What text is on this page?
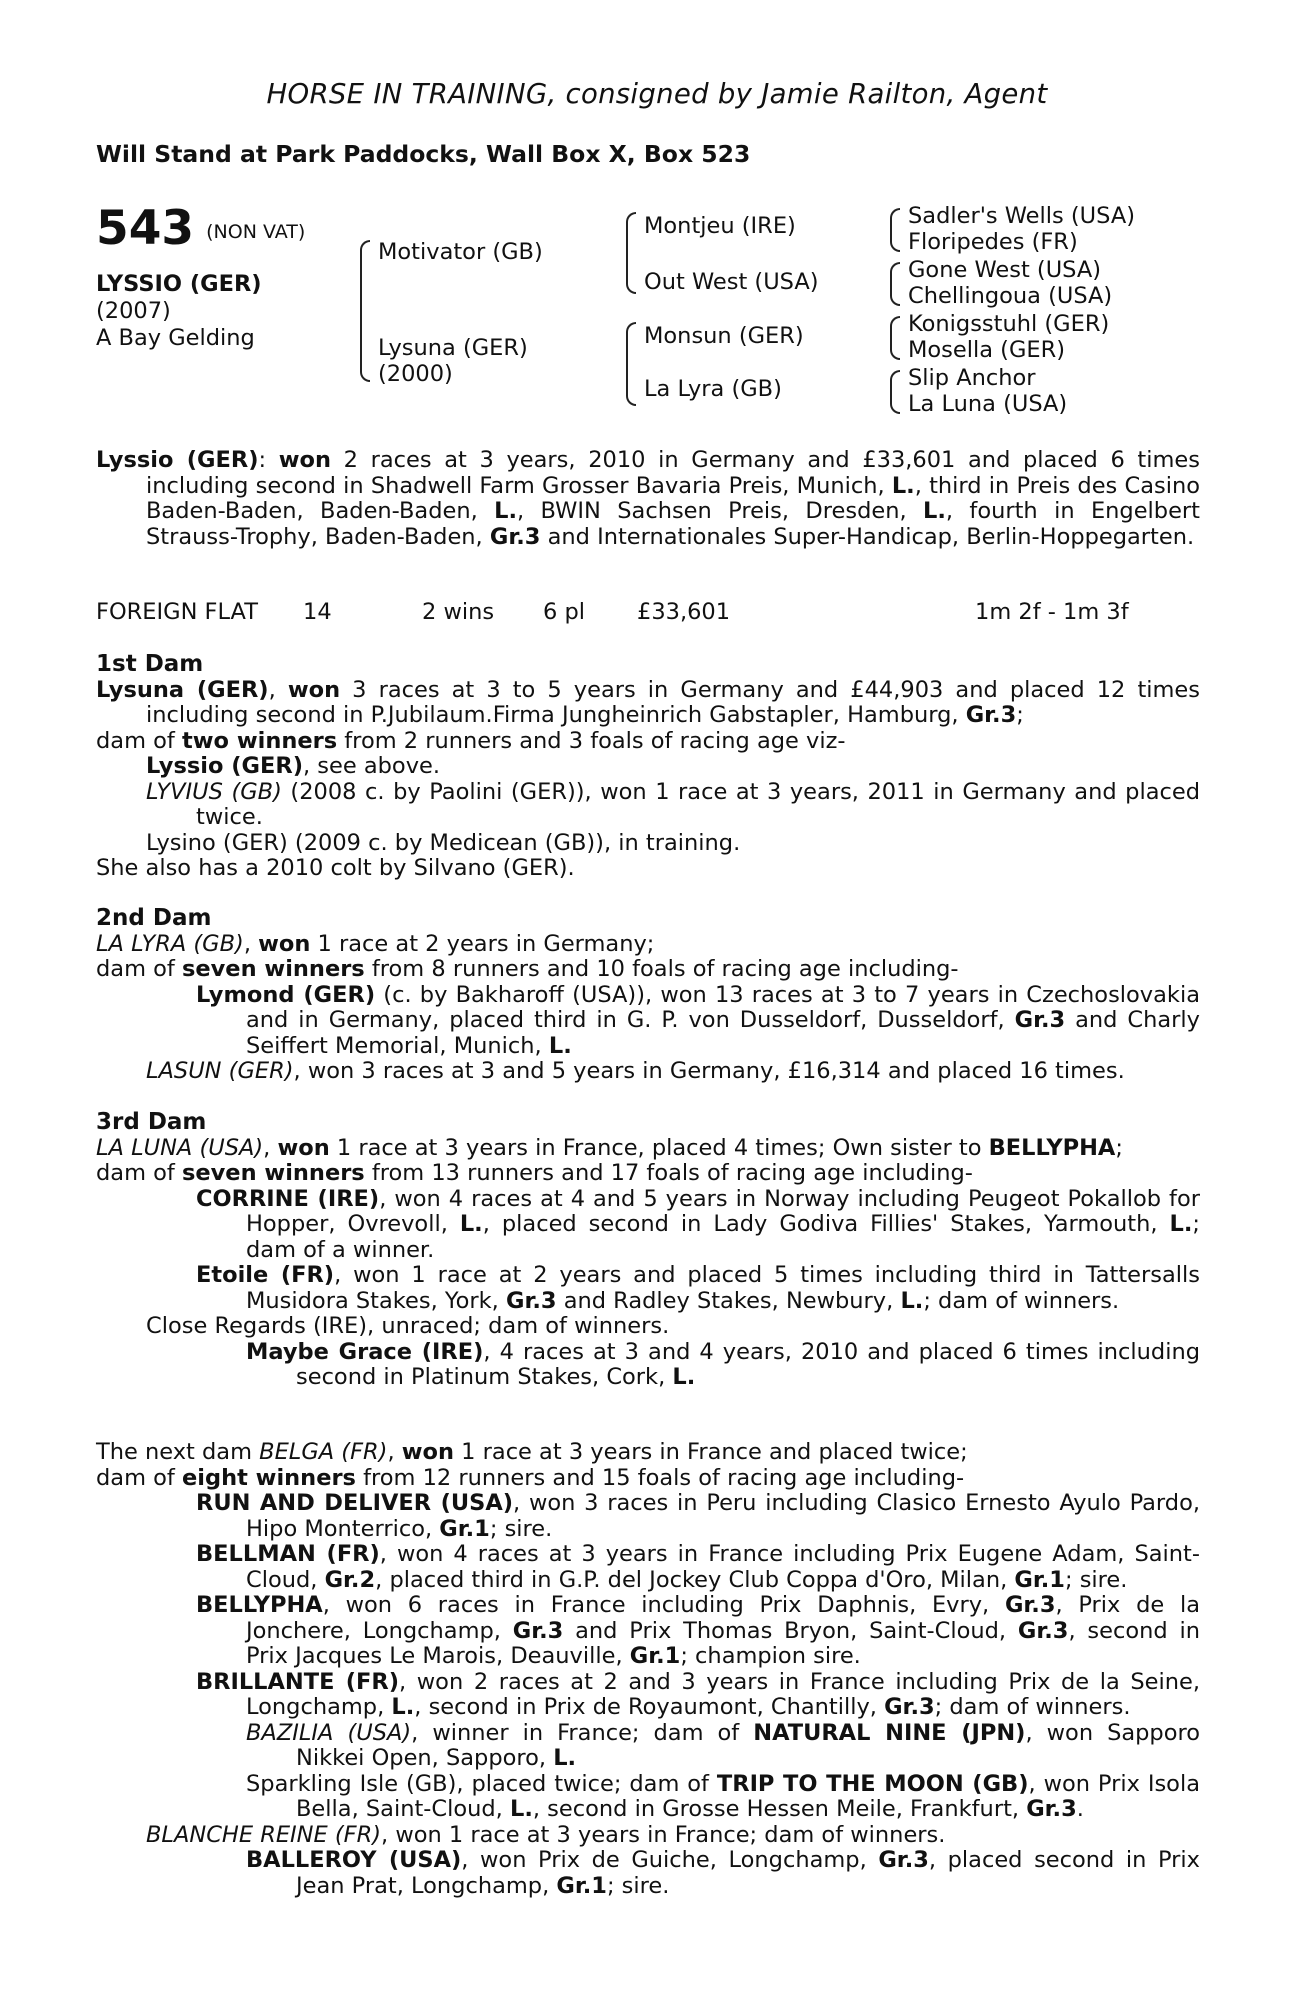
HORSE IN TRAINING, consigned by Jamie Railton, Agent
Will Stand at Park Paddocks, Wall Box X, Box 523
543 (NON VAT)
LYSSIO (GER)
(2007)
A Bay Gelding
Motivator (GB)
Lysuna (GER)
(2000)
Montjeu (IRE)
Out West (USA)
Monsun (GER)
La Lyra (GB)
Sadler's Wells (USA)
Floripedes (FR)
Gone West (USA)
Chellingoua (USA)
Konigsstuhl (GER)
Mosella (GER)
Slip Anchor
La Luna (USA)

Lyssio (GER): won 2 races at 3 years, 2010 in Germany and £33,601 and placed 6 times including second in Shadwell Farm Grosser Bavaria Preis, Munich, L., third in Preis des Casino Baden-Baden, Baden-Baden, L., BWIN Sachsen Preis, Dresden, L., fourth in Engelbert Strauss-Trophy, Baden-Baden, Gr.3 and Internationales Super-Handicap, Berlin-Hoppegarten.

FOREIGN FLAT 14	2 wins 6 pl £33,601	1m 2f - 1m 3f

1st Dam

Lysuna (GER), won 3 races at 3 to 5 years in Germany and £44,903 and placed 12 times including second in P.Jubilaum.Firma Jungheinrich Gabstapler, Hamburg, Gr.3;

dam of two winners from 2 runners and 3 foals of racing age viz-

Lyssio (GER), see above.

LYVIUS (GB) (2008 c. by Paolini (GER)), won 1 race at 3 years, 2011 in Germany and placed twice.

Lysino (GER) (2009 c. by Medicean (GB)), in training.

She also has a 2010 colt by Silvano (GER).

2nd Dam

LA LYRA (GB), won 1 race at 2 years in Germany;

dam of seven winners from 8 runners and 10 foals of racing age including-

Lymond (GER) (c. by Bakharoff (USA)), won 13 races at 3 to 7 years in Czechoslovakia and in Germany, placed third in G. P. von Dusseldorf, Dusseldorf, Gr.3 and Charly Seiffert Memorial, Munich, L.

LASUN (GER), won 3 races at 3 and 5 years in Germany, £16,314 and placed 16 times.

3rd Dam

LA LUNA (USA), won 1 race at 3 years in France, placed 4 times; Own sister to BELLYPHA;

dam of seven winners from 13 runners and 17 foals of racing age including-

CORRINE (IRE), won 4 races at 4 and 5 years in Norway including Peugeot Pokallob for Hopper, Ovrevoll, L., placed second in Lady Godiva Fillies' Stakes, Yarmouth, L.; dam of a winner.

Etoile (FR), won 1 race at 2 years and placed 5 times including third in Tattersalls Musidora Stakes, York, Gr.3 and Radley Stakes, Newbury, L.; dam of winners.

Close Regards (IRE), unraced; dam of winners.

Maybe Grace (IRE), 4 races at 3 and 4 years, 2010 and placed 6 times including second in Platinum Stakes, Cork, L.

The next dam BELGA (FR), won 1 race at 3 years in France and placed twice;

dam of eight winners from 12 runners and 15 foals of racing age including-

RUN AND DELIVER (USA), won 3 races in Peru including Clasico Ernesto Ayulo Pardo, Hipo Monterrico, Gr.1; sire.

BELLMAN (FR), won 4 races at 3 years in France including Prix Eugene Adam, Saint-Cloud, Gr.2, placed third in G.P. del Jockey Club Coppa d'Oro, Milan, Gr.1; sire.

BELLYPHA, won 6 races in France including Prix Daphnis, Evry, Gr.3, Prix de la Jonchere, Longchamp, Gr.3 and Prix Thomas Bryon, Saint-Cloud, Gr.3, second in Prix Jacques Le Marois, Deauville, Gr.1; champion sire.

BRILLANTE (FR), won 2 races at 2 and 3 years in France including Prix de la Seine, Longchamp, L., second in Prix de Royaumont, Chantilly, Gr.3; dam of winners.

BAZILIA (USA), winner in France; dam of NATURAL NINE (JPN), won Sapporo Nikkei Open, Sapporo, L.

Sparkling Isle (GB), placed twice; dam of TRIP TO THE MOON (GB), won Prix Isola Bella, Saint-Cloud, L., second in Grosse Hessen Meile, Frankfurt, Gr.3.

BLANCHE REINE (FR), won 1 race at 3 years in France; dam of winners.

BALLEROY (USA), won Prix de Guiche, Longchamp, Gr.3, placed second in Prix Jean Prat, Longchamp, Gr.1; sire.
